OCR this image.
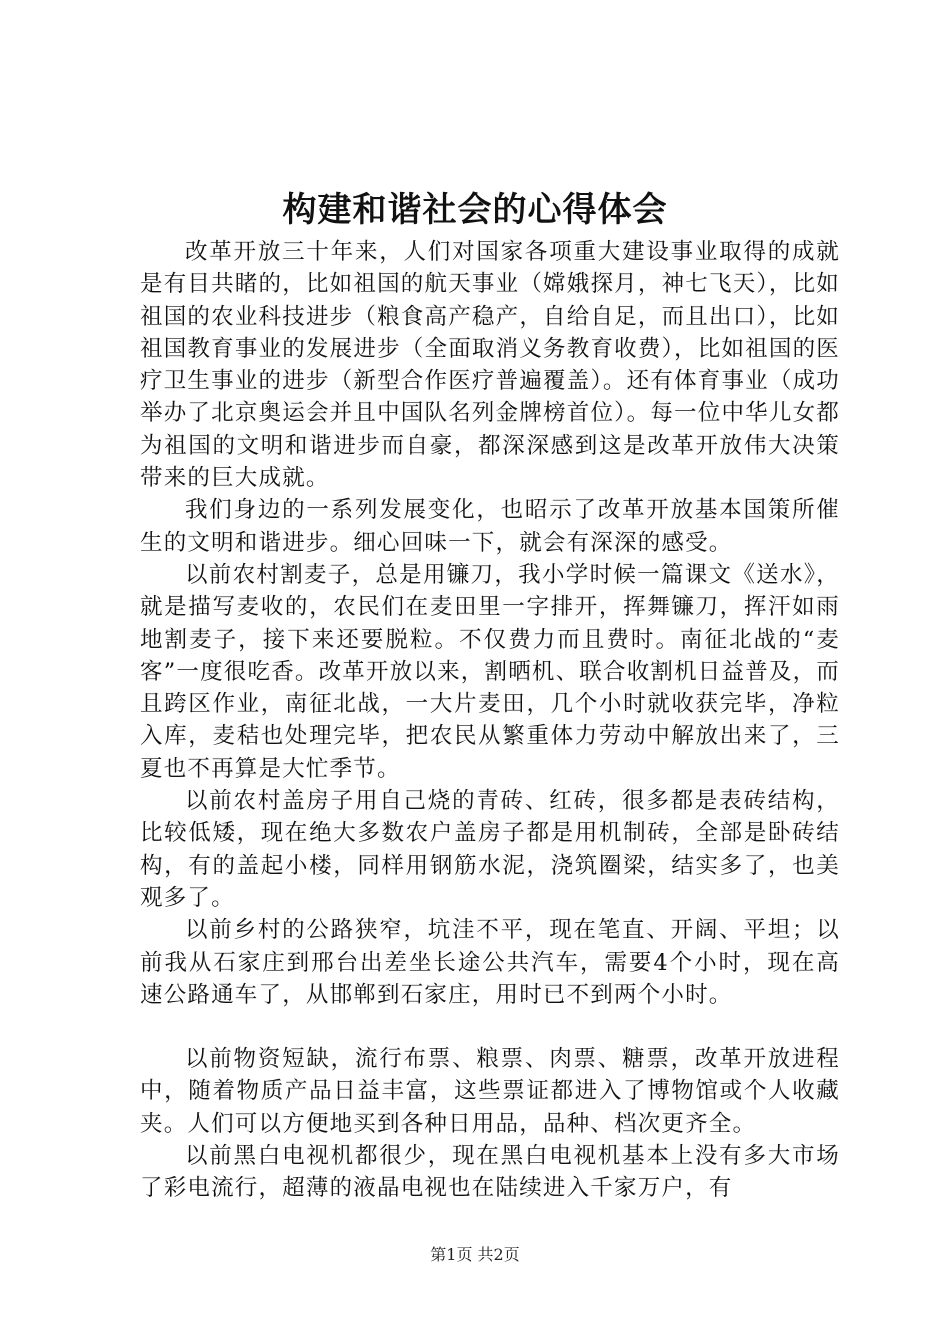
构建和谐社会的心得体会

改革开放三十年来，人们对国家各项重大建设事业取得的成就是有目共睹的，比如祖国的航天事业（嫦娥探月，神七飞天），比如祖国的农业科技进步（粮食高产稳产，自给自足，而且出口），比如祖国教育事业的发展进步（全面取消义务教育收费），比如祖国的医疗卫生事业的进步（新型合作医疗普遍覆盖）。还有体育事业（成功举办了北京奥运会并且中国队名列金牌榜首位）。每一位中华儿女都为祖国的文明和谐进步而自豪，都深深感到这是改革开放伟大决策带来的巨大成就。

我们身边的一系列发展变化，也昭示了改革开放基本国策所催生的文明和谐进步。细心回味一下，就会有深深的感受。

以前农村割麦子，总是用镰刀，我小学时候一篇课文《送水》，就是描写麦收的，农民们在麦田里一字排开，挥舞镰刀，挥汗如雨地割麦子，接下来还要脱粒。不仅费力而且费时。南征北战的“麦客”一度很吃香。改革开放以来，割晒机、联合收割机日益普及，而且跨区作业，南征北战，一大片麦田，几个小时就收获完毕，净粒入库，麦秸也处理完毕，把农民从繁重体力劳动中解放出来了，三夏也不再算是大忙季节。

以前农村盖房子用自己烧的青砖、红砖，很多都是表砖结构，比较低矮，现在绝大多数农户盖房子都是用机制砖，全部是卧砖结构，有的盖起小楼，同样用钢筋水泥，浇筑圈梁，结实多了，也美观多了。

以前乡村的公路狭窄，坑洼不平，现在笔直、开阔、平坦；以前我从石家庄到邢台出差坐长途公共汽车，需要4个小时，现在高速公路通车了，从邯郸到石家庄，用时已不到两个小时。

以前物资短缺，流行布票、粮票、肉票、糖票，改革开放进程中，随着物质产品日益丰富，这些票证都进入了博物馆或个人收藏夹。人们可以方便地买到各种日用品，品种、档次更齐全。

以前黑白电视机都很少，现在黑白电视机基本上没有多大市场了彩电流行，超薄的液晶电视也在陆续进入千家万户，有

第1页 共2页
